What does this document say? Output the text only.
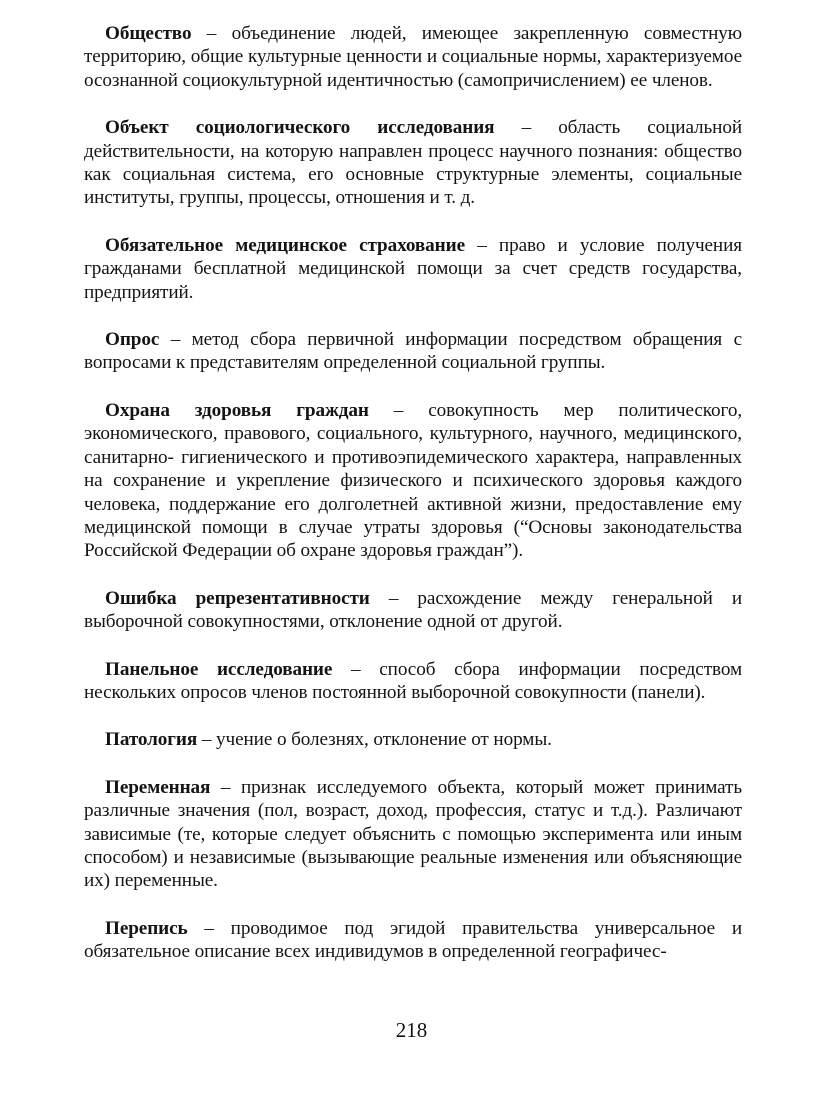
Общество – объединение людей, имеющее закрепленную совместную территорию, общие культурные ценности и социальные нормы, характеризуемое осознанной социокультурной идентичностью (самопричислением) ее членов.

Объект социологического исследования – область социальной действительности, на которую направлен процесс научного познания: общество как социальная система, его основные структурные элементы, социальные институты, группы, процессы, отношения и т. д.

Обязательное медицинское страхование – право и условие получения гражданами бесплатной медицинской помощи за счет средств государства, предприятий.

Опрос – метод сбора первичной информации посредством обращения с вопросами к представителям определенной социальной группы.

Охрана здоровья граждан – совокупность мер политического, экономического, правового, социального, культурного, научного, медицинского, санитарно- гигиенического и противоэпидемического характера, направленных на сохранение и укрепление физического и психического здоровья каждого человека, поддержание его долголетней активной жизни, предоставление ему медицинской помощи в случае утраты здоровья (“Основы законодательства Российской Федерации об охране здоровья граждан”).

Ошибка репрезентативности – расхождение между генеральной и выборочной совокупностями, отклонение одной от другой.

Панельное исследование – способ сбора информации посредством нескольких опросов членов постоянной выборочной совокупности (панели).

Патология – учение о болезнях, отклонение от нормы.

Переменная – признак исследуемого объекта, который может принимать различные значения (пол, возраст, доход, профессия, статус и т.д.). Различают зависимые (те, которые следует объяснить с помощью эксперимента или иным способом) и независимые (вызывающие реальные изменения или объясняющие их) переменные.

Перепись – проводимое под эгидой правительства универсальное и обязательное описание всех индивидумов в определенной географичес-

218
